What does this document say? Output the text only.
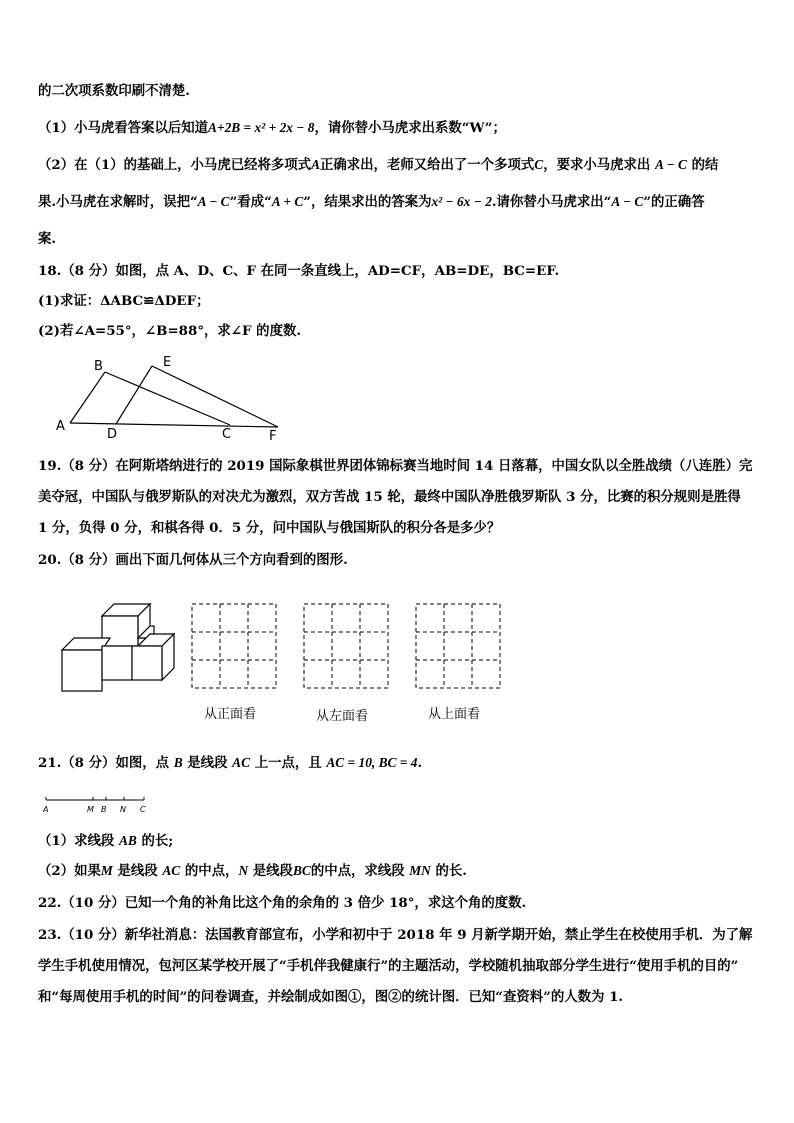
的二次项系数印刷不清楚.
（1）小马虎看答案以后知道A+2B = x² + 2x − 8，请你替小马虎求出系数“W”；
（2）在（1）的基础上，小马虎已经将多项式A正确求出，老师又给出了一个多项式C，要求小马虎求出 A − C 的结
果.小马虎在求解时，误把“A − C”看成“A + C”，结果求出的答案为x² − 6x − 2.请你替小马虎求出“A − C”的正确答
案.
18.（8 分）如图，点 A、D、C、F 在同一条直线上，AD=CF，AB=DE，BC=EF.
(1)求证：ΔABC≌ΔDEF；
(2)若∠A=55°，∠B=88°，求∠F 的度数.
A
B
D
E
C	F
19.（8 分）在阿斯塔纳进行的 2019 国际象棋世界团体锦标赛当地时间 14 日落幕，中国女队以全胜战绩（八连胜）完
美夺冠，中国队与俄罗斯队的对决尤为激烈，双方苦战 15 轮，最终中国队净胜俄罗斯队 3 分，比赛的积分规则是胜得
1 分，负得 0 分，和棋各得 0．5 分，问中国队与俄国斯队的积分各是多少？
20.（8 分）画出下面几何体从三个方向看到的图形.
从正面看	从左面看	从上面看
21.（8 分）如图，点 B 是线段 AC 上一点，且 AC = 10, BC = 4.
A	M B N C
（1）求线段 AB 的长;
（2）如果M 是线段 AC 的中点，N 是线段BC的中点，求线段 MN 的长.
22.（10 分）已知一个角的补角比这个角的余角的 3 倍少 18°，求这个角的度数.
23.（10 分）新华社消息：法国教育部宣布，小学和初中于 2018 年 9 月新学期开始，禁止学生在校使用手机．为了解
学生手机使用情况，包河区某学校开展了“手机伴我健康行”的主题活动，学校随机抽取部分学生进行“使用手机的目的”
和“每周使用手机的时间”的问卷调查，并绘制成如图①，图②的统计图．已知“查资料”的人数为 1.
